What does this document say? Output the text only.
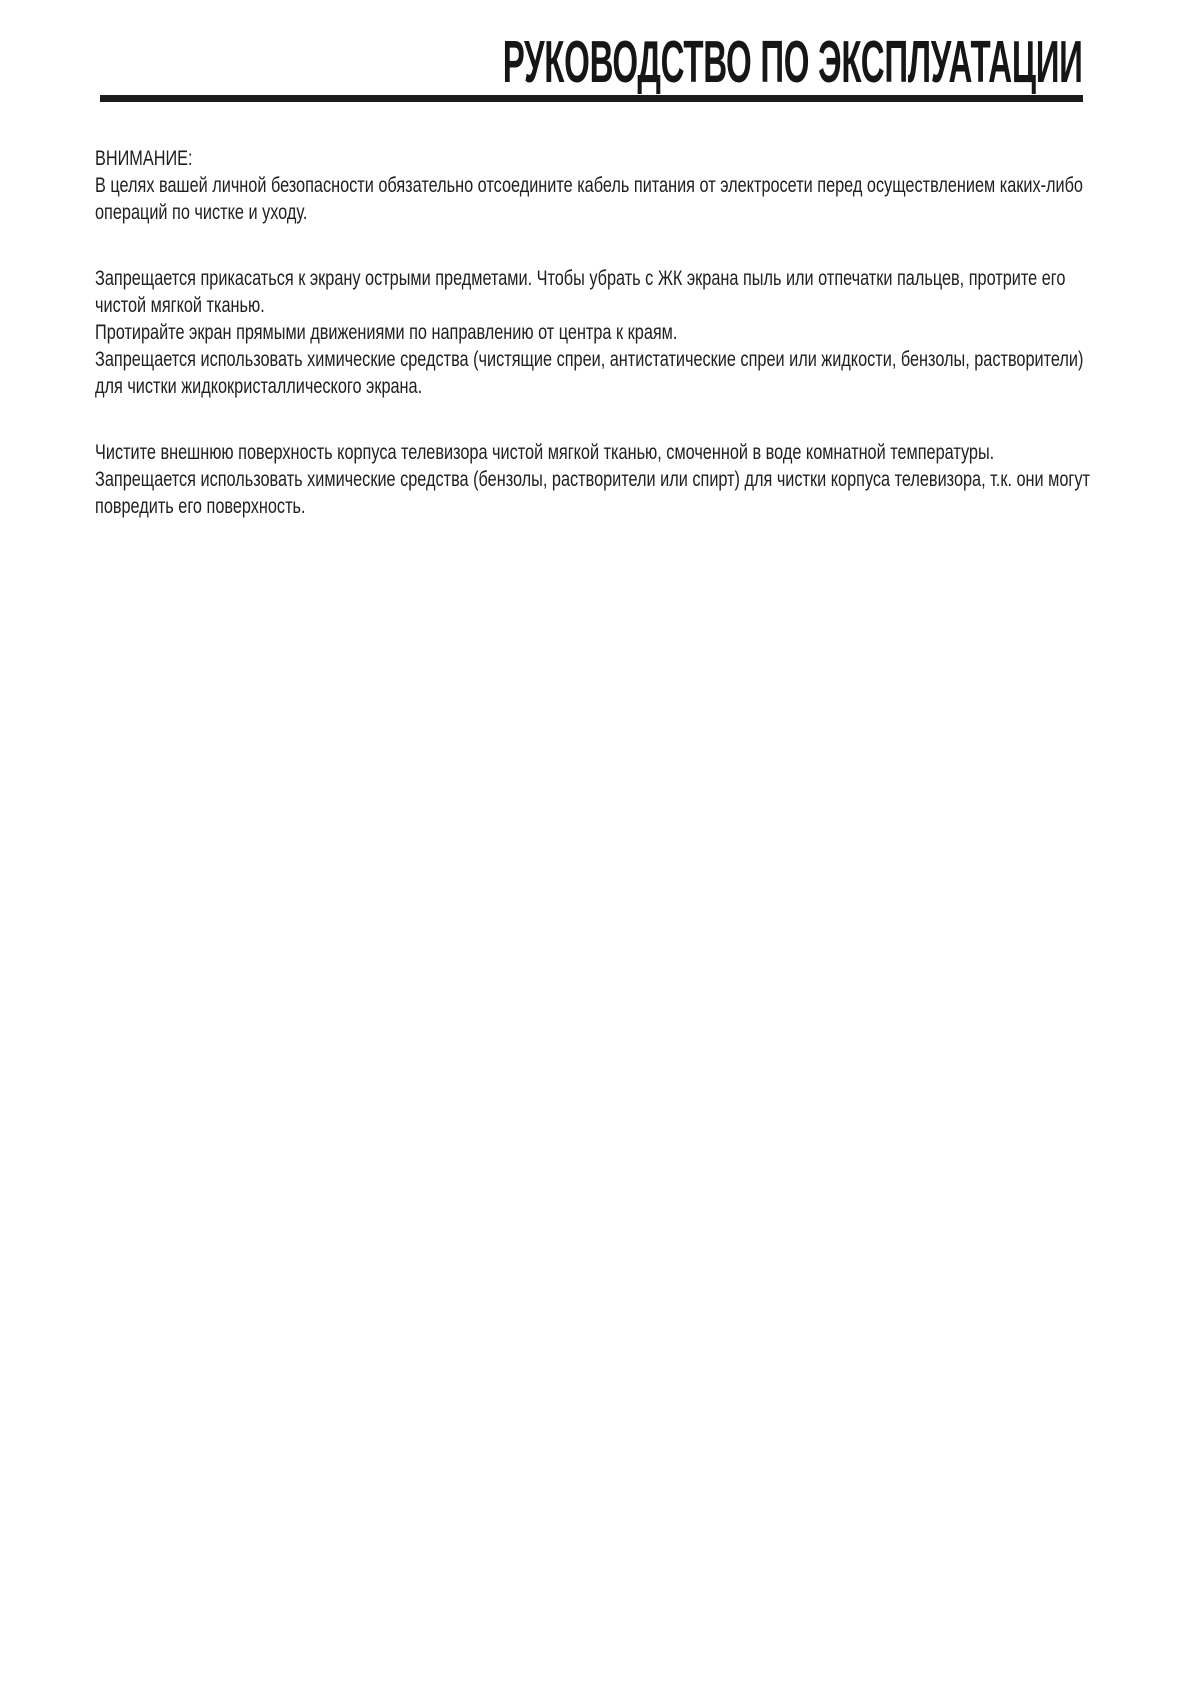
РУКОВОДСТВО ПО ЭКСПЛУАТАЦИИ
ВНИМАНИЕ:
В целях вашей личной безопасности обязательно отсоедините кабель питания от электросети перед осуществлением каких-либо
операций по чистке и уходу.
Запрещается прикасаться к экрану острыми предметами. Чтобы убрать с ЖК экрана пыль или отпечатки пальцев, протрите его
чистой мягкой тканью.
Протирайте экран прямыми движениями по направлению от центра к краям.
Запрещается использовать химические средства (чистящие спреи, антистатические спреи или жидкости, бензолы, растворители)
для чистки жидкокристаллического экрана.
Чистите внешнюю поверхность корпуса телевизора чистой мягкой тканью, смоченной в воде комнатной температуры.
Запрещается использовать химические средства (бензолы, растворители или спирт) для чистки корпуса телевизора, т.к. они могут
повредить его поверхность.
